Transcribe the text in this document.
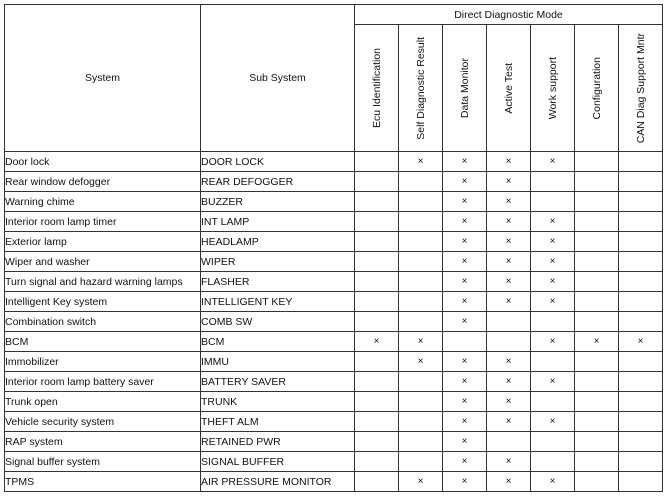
System	Sub System	Direct Diagnostic Mode						

		Ecu Identification	Self Diagnostic Result	Data Monitor	Active Test	Work support	Configuration	CAN Diag Support Mntr

Door lock	DOOR LOCK		×	×	×	×		
Rear window defogger	REAR DEFOGGER			×	×			
Warning chime	BUZZER			×	×			
Interior room lamp timer	INT LAMP			×	×	×		
Exterior lamp	HEADLAMP			×	×	×		
Wiper and washer	WIPER			×	×	×		
Turn signal and hazard warning lamps	FLASHER			×	×	×		
Intelligent Key system	INTELLIGENT KEY			×	×	×		
Combination switch	COMB SW			×				
BCM	BCM	×	×			×	×	×
Immobilizer	IMMU		×	×	×			
Interior room lamp battery saver	BATTERY SAVER			×	×	×		
Trunk open	TRUNK			×	×			
Vehicle security system	THEFT ALM			×	×	×		
RAP system	RETAINED PWR			×				
Signal buffer system	SIGNAL BUFFER			×	×			
TPMS	AIR PRESSURE MONITOR		×	×	×	×		
